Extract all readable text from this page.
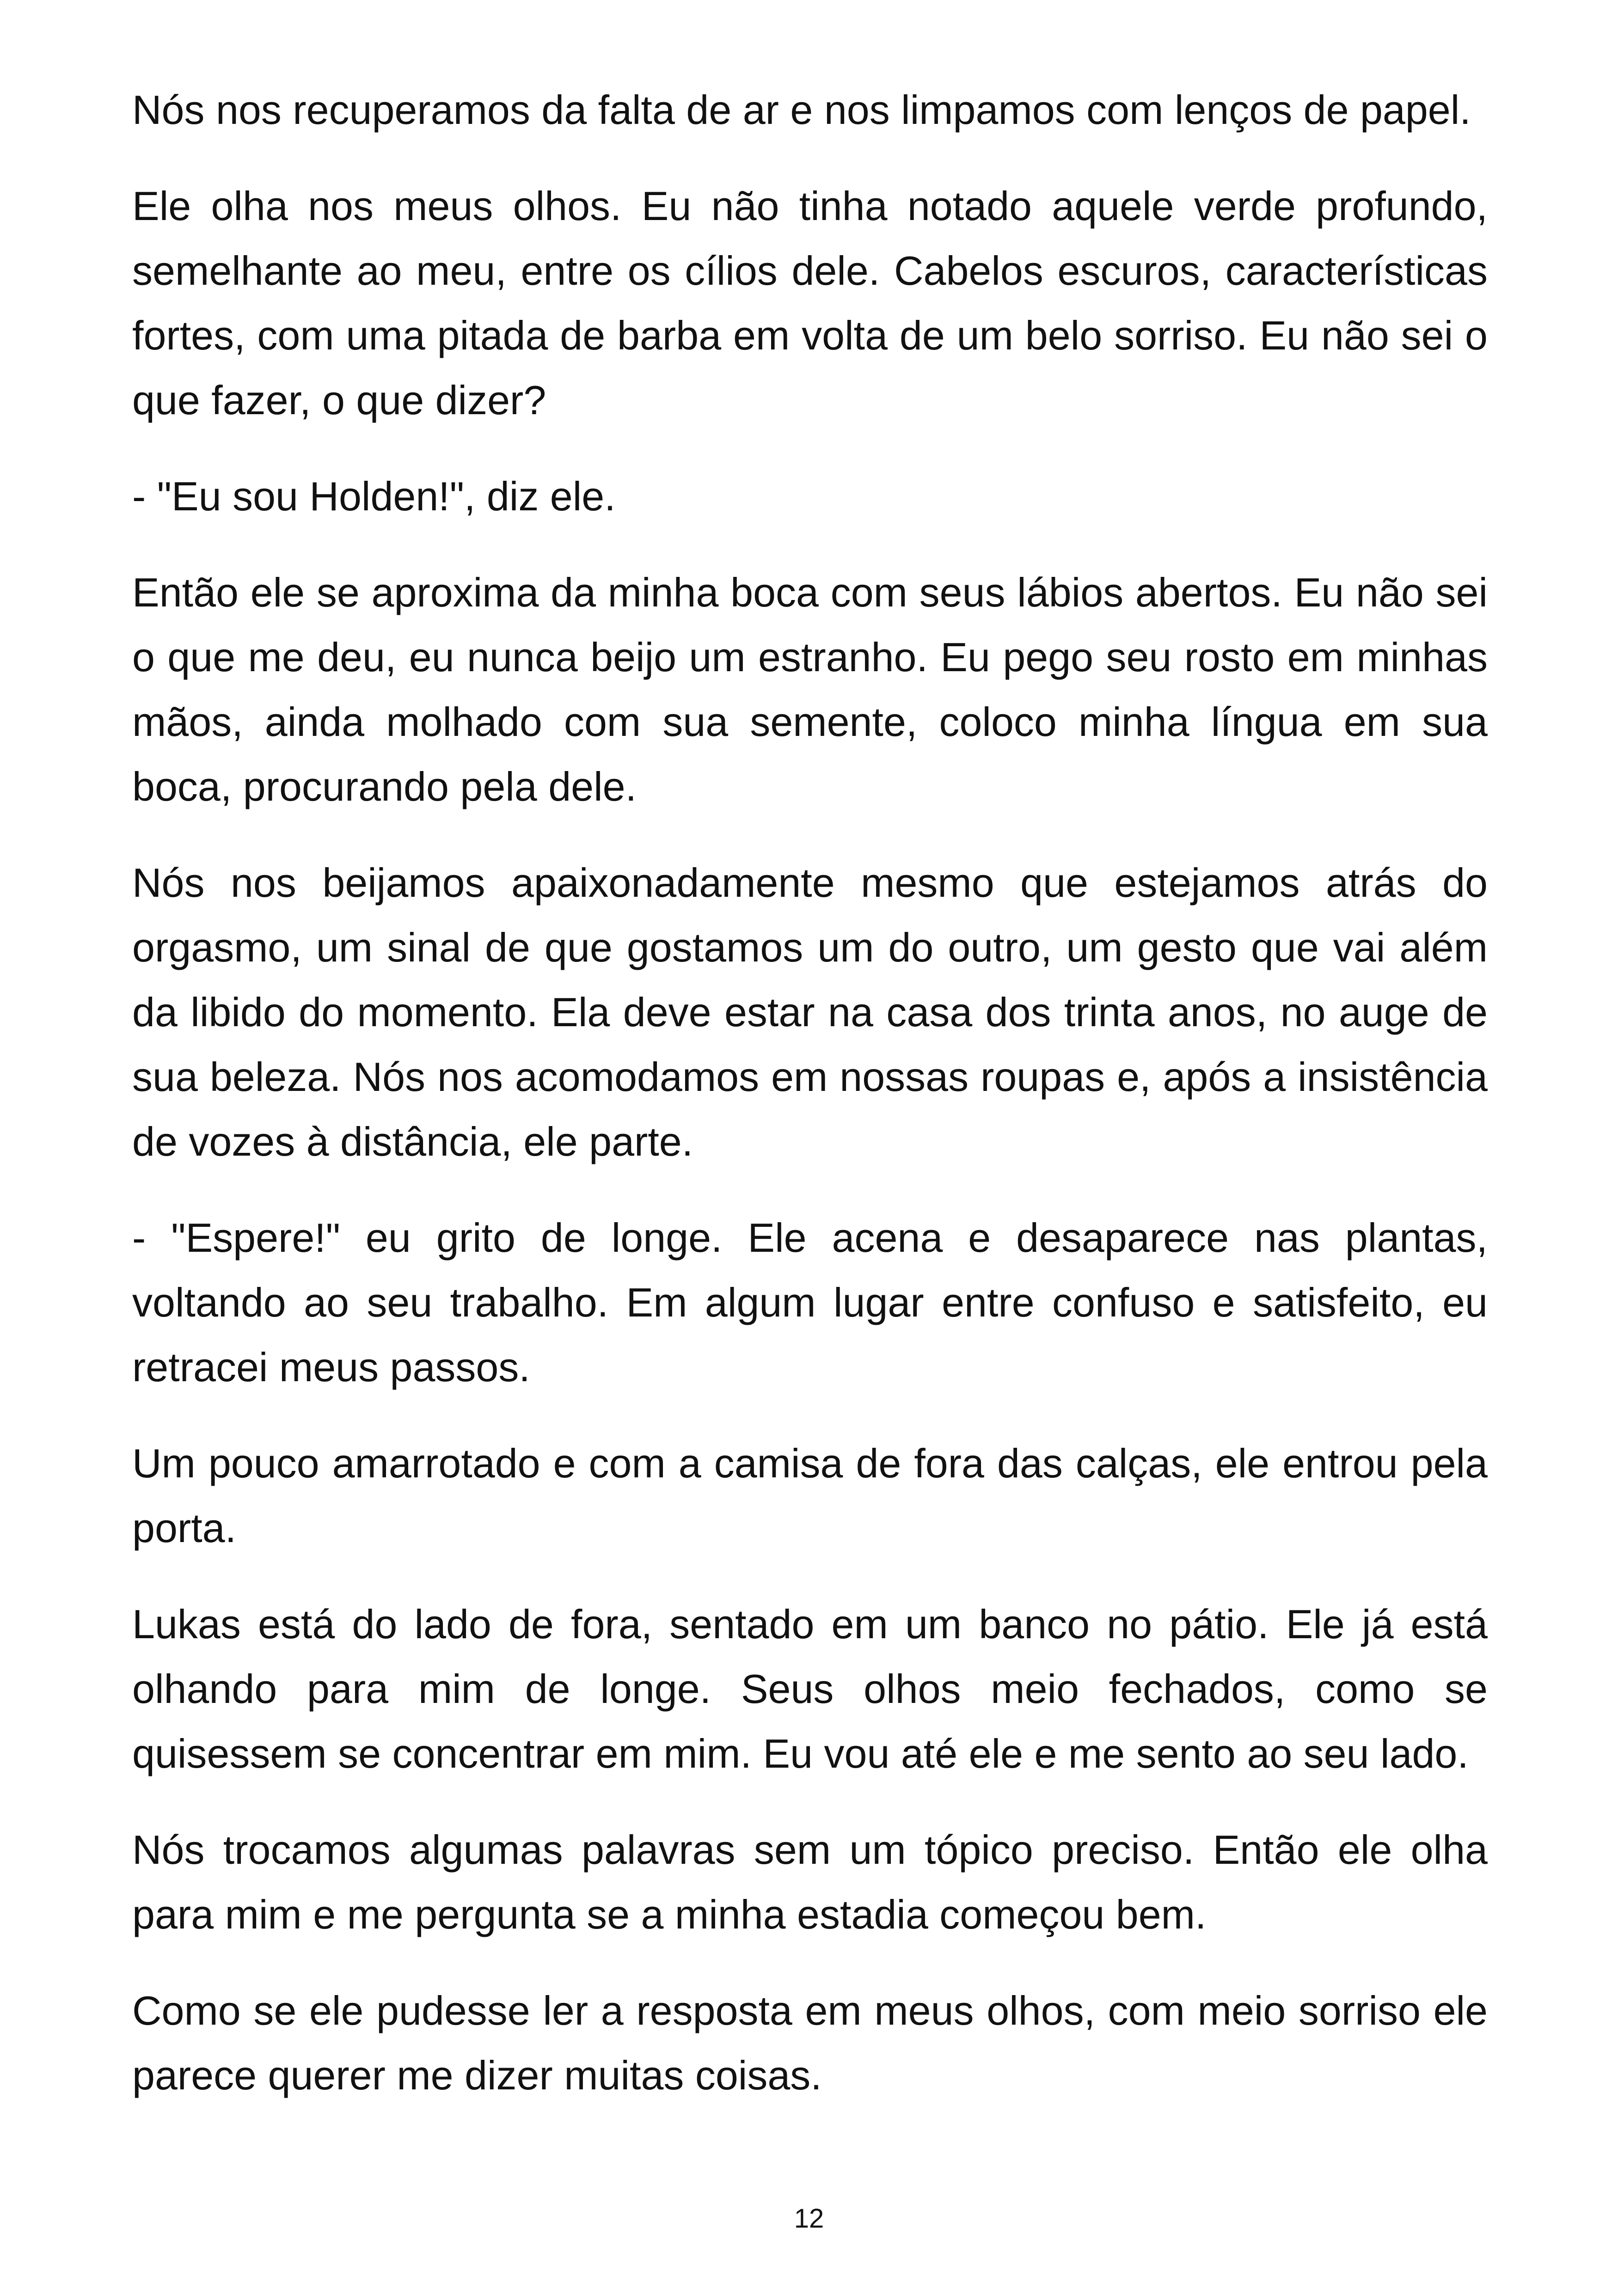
Nós nos recuperamos da falta de ar e nos limpamos com lenços de papel.

Ele olha nos meus olhos. Eu não tinha notado aquele verde profundo, semelhante ao meu, entre os cílios dele. Cabelos escuros, características fortes, com uma pitada de barba em volta de um belo sorriso. Eu não sei o que fazer, o que dizer?

- "Eu sou Holden!", diz ele.

Então ele se aproxima da minha boca com seus lábios abertos. Eu não sei o que me deu, eu nunca beijo um estranho. Eu pego seu rosto em minhas mãos, ainda molhado com sua semente, coloco minha língua em sua boca, procurando pela dele.

Nós nos beijamos apaixonadamente mesmo que estejamos atrás do orgasmo, um sinal de que gostamos um do outro, um gesto que vai além da libido do momento. Ela deve estar na casa dos trinta anos, no auge de sua beleza. Nós nos acomodamos em nossas roupas e, após a insistência de vozes à distância, ele parte.

- "Espere!" eu grito de longe. Ele acena e desaparece nas plantas, voltando ao seu trabalho. Em algum lugar entre confuso e satisfeito, eu retracei meus passos.

Um pouco amarrotado e com a camisa de fora das calças, ele entrou pela porta.

Lukas está do lado de fora, sentado em um banco no pátio. Ele já está olhando para mim de longe. Seus olhos meio fechados, como se quisessem se concentrar em mim. Eu vou até ele e me sento ao seu lado.

Nós trocamos algumas palavras sem um tópico preciso. Então ele olha para mim e me pergunta se a minha estadia começou bem.

Como se ele pudesse ler a resposta em meus olhos, com meio sorriso ele parece querer me dizer muitas coisas.

12
